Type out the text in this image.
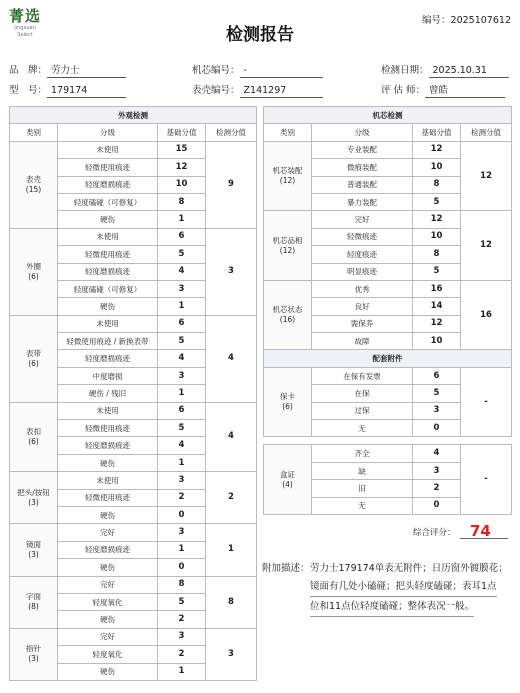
菁选
Jingxuan Select	检测报告
编号：2025107612
品　牌： 劳力士	机芯编号： -	检测日期： 2025.10.31
型　号： 179174	表壳编号： Z141297	评 估 师： 曾皓
外观检测			
类别	分级	基础分值	检测分值
表壳
(15)	未使用	15	9
	轻微使用痕迹	12	
	轻度磨损痕迹	10	
	轻度磕碰（可修复）	8	
	硬伤	1	
外圈
(6)	未使用	6	3
	轻微使用痕迹	5	
	轻度磨损痕迹	4	
	轻度磕碰（可修复）	3	
	硬伤	1	
表带
(6)	未使用	6	4
	轻微使用痕迹 / 新换表带	5	
	轻度磨损痕迹	4	
	中度磨损	3	
	硬伤 / 残旧	1	
表扣
(6)	未使用	6	4
	轻微使用痕迹	5	
	轻度磨损痕迹	4	
	硬伤	1	
把头/按钮
(3)	未使用	3	2
	轻微使用痕迹	2	
	硬伤	0	
镜面
(3)	完好	3	1
	轻度磨损痕迹	1	
	硬伤	0	
字面
(8)	完好	8	8
	轻度氧化	5	
	硬伤	2	
指针
(3)	完好	3	3
	轻度氧化	2	
	硬伤	1	
机芯检测			
类别	分级	基础分值	检测分值
机芯装配
(12)	专业装配	12	12
	微痕装配	10	
	普通装配	8	
	暴力装配	5	
机芯品相
(12)	完好	12	12
	轻微痕迹	10	
	轻度痕迹	8	
	明显痕迹	5	
机芯状态
(16)	优秀	16	16
	良好	14	
	需保养	12	
	故障	10	
配套附件			
保卡
(6)	在保有发票	6	-
	在保	5	
	过保	3	
	无	0	

盒证
(4)	齐全	4	-
	缺	3	
	旧	2	
	无	0	
综合评分： 74
附加描述： 劳力士179174单表无附件；日历窗外镀膜花；
镜面有几处小磕碰；把头轻度磕碰；表耳1点
位和11点位轻度磕碰；整体表况一般。
